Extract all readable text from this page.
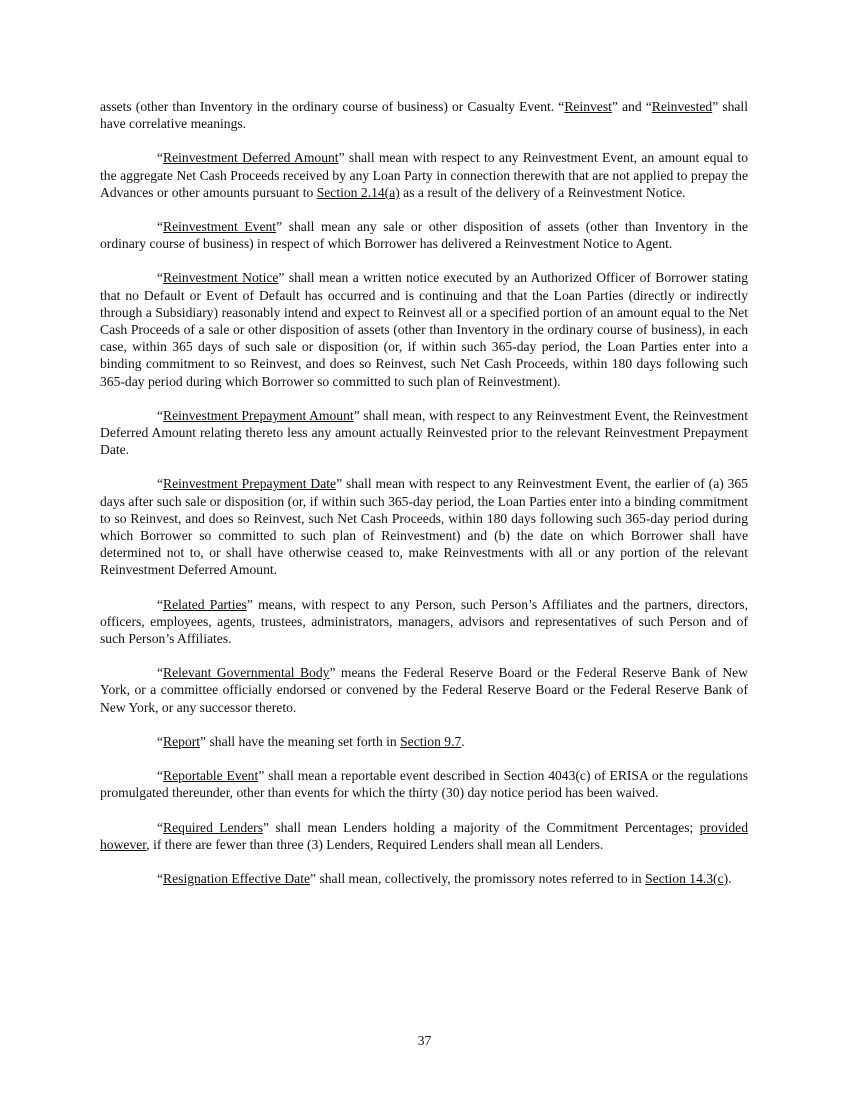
assets (other than Inventory in the ordinary course of business) or Casualty Event. “Reinvest” and “Reinvested” shall have correlative meanings.

“Reinvestment Deferred Amount” shall mean with respect to any Reinvestment Event, an amount equal to the aggregate Net Cash Proceeds received by any Loan Party in connection therewith that are not applied to prepay the Advances or other amounts pursuant to Section 2.14(a) as a result of the delivery of a Reinvestment Notice.

“Reinvestment Event” shall mean any sale or other disposition of assets (other than Inventory in the ordinary course of business) in respect of which Borrower has delivered a Reinvestment Notice to Agent.

“Reinvestment Notice” shall mean a written notice executed by an Authorized Officer of Borrower stating that no Default or Event of Default has occurred and is continuing and that the Loan Parties (directly or indirectly through a Subsidiary) reasonably intend and expect to Reinvest all or a specified portion of an amount equal to the Net Cash Proceeds of a sale or other disposition of assets (other than Inventory in the ordinary course of business), in each case, within 365 days of such sale or disposition (or, if within such 365-day period, the Loan Parties enter into a binding commitment to so Reinvest, and does so Reinvest, such Net Cash Proceeds, within 180 days following such 365-day period during which Borrower so committed to such plan of Reinvestment).

“Reinvestment Prepayment Amount” shall mean, with respect to any Reinvestment Event, the Reinvestment Deferred Amount relating thereto less any amount actually Reinvested prior to the relevant Reinvestment Prepayment Date.

“Reinvestment Prepayment Date” shall mean with respect to any Reinvestment Event, the earlier of (a) 365 days after such sale or disposition (or, if within such 365-day period, the Loan Parties enter into a binding commitment to so Reinvest, and does so Reinvest, such Net Cash Proceeds, within 180 days following such 365-day period during which Borrower so committed to such plan of Reinvestment) and (b) the date on which Borrower shall have determined not to, or shall have otherwise ceased to, make Reinvestments with all or any portion of the relevant Reinvestment Deferred Amount.

“Related Parties” means, with respect to any Person, such Person’s Affiliates and the partners, directors, officers, employees, agents, trustees, administrators, managers, advisors and representatives of such Person and of such Person’s Affiliates.

“Relevant Governmental Body” means the Federal Reserve Board or the Federal Reserve Bank of New York, or a committee officially endorsed or convened by the Federal Reserve Board or the Federal Reserve Bank of New York, or any successor thereto.

“Report” shall have the meaning set forth in Section 9.7.

“Reportable Event” shall mean a reportable event described in Section 4043(c) of ERISA or the regulations promulgated thereunder, other than events for which the thirty (30) day notice period has been waived.

“Required Lenders” shall mean Lenders holding a majority of the Commitment Percentages; provided however, if there are fewer than three (3) Lenders, Required Lenders shall mean all Lenders.

“Resignation Effective Date” shall mean, collectively, the promissory notes referred to in Section 14.3(c).

37
